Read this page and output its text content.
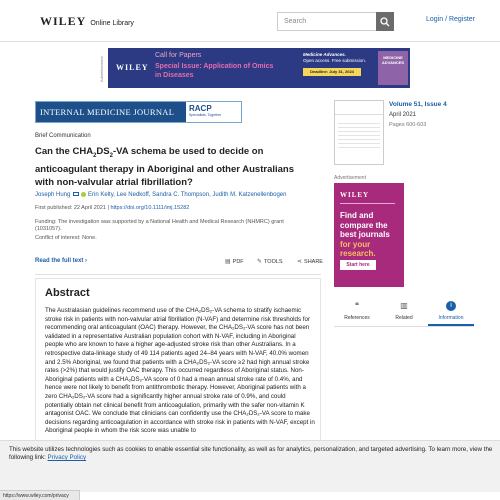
WILEY Online Library	Search	Login / Register
Advertisement	WILEY
Call for Papers
Special Issue: Application of Omics in Diseases
Medicine Advances.
Open access. Free submission.
Deadline: July 31, 2024
MEDICINE ADVANCES
INTERNAL MEDICINE JOURNAL	RACP
Specialists. Together
Brief Communication
Can the $CHA_2DS_2-VA$ schema be used to decide on anticoagulant therapy in Aboriginal and other Australians with non-valvular atrial fibrillation?
Joseph Hung	Erin Kelty, Lee Nedkoff, Sandra C. Thompson, Judith M. Katzenellenbogen
First published: 22 April 2021 | https://doi.org/10.1111/imj.15282
Funding: The investigation was supported by a National Health and Medical Research (NHMRC) grant (1031057).
Conflict of interest: None.
Read the full text ›	▤ PDF ✎ TOOLS ⋖ SHARE
Abstract
The Australasian guidelines recommend use of the CHA₂DS₂-VA schema to stratify ischaemic stroke risk in patients with non-valvular atrial fibrillation (N-VAF) and determine risk thresholds for recommending oral anticoagulant (OAC) therapy. However, the CHA₂DS₂-VA score has not been validated in a representative Australian population cohort with N-VAF, including in Aboriginal people who are known to have a higher age-adjusted stroke risk than other Australians. In a retrospective data-linkage study of 49 114 patients aged 24–84 years with N-VAF, 40.0% women and 2.5% Aboriginal, we found that patients with a CHA₂DS₂-VA score ≥2 had high annual stroke rates (>2%) that would justify OAC therapy. This occurred regardless of Aboriginal status. Non-Aboriginal patients with a CHA₂DS₂-VA score of 0 had a mean annual stroke rate of 0.4%, and hence were not likely to benefit from antithrombotic therapy. However, Aboriginal patients with a zero CHA₂DS₂-VA score had a significantly higher annual stroke rate of 0.9%, and could potentially obtain net clinical benefit from anticoagulation, primarily with the safer non-vitamin K antagonist OAC. We conclude that clinicians can confidently use the CHA₂DS₂-VA score to make decisions regarding anticoagulation in accordance with stroke risk in patients with N-VAF, except in Aboriginal people in whom the risk score was unable to
Volume 51, Issue 4
April 2021
Pages 600-603
Advertisement
WILEY
Find and compare the best journals for your research.
Start here
❝
References
▥
Related
i
Information
This website utilizes technologies such as cookies to enable essential site functionality, as well as for analytics, personalization, and targeted advertising. To learn more, view the following link: Privacy Policy
https://www.wiley.com/privacy
